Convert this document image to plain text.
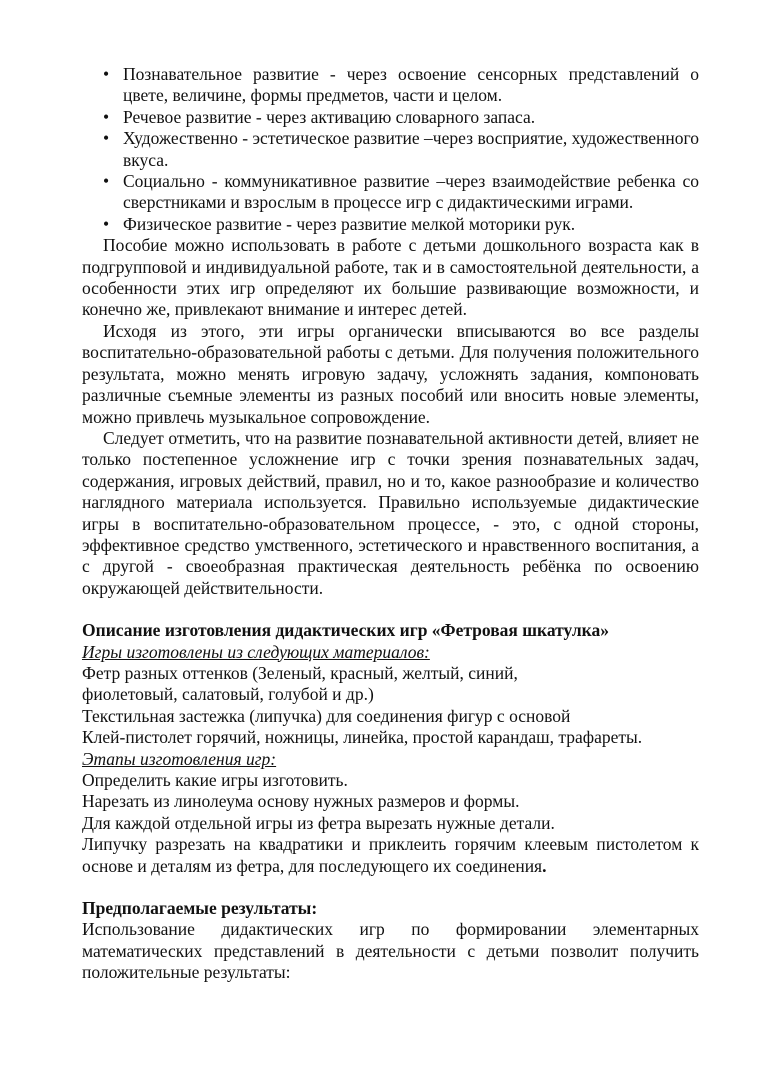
• Познавательное развитие - через освоение сенсорных представлений о цвете, величине, формы предметов, части и целом.
• Речевое развитие - через активацию словарного запаса.
• Художественно - эстетическое развитие –через восприятие, художественного вкуса.
• Социально - коммуникативное развитие –через взаимодействие ребенка со сверстниками и взрослым в процессе игр с дидактическими играми.
• Физическое развитие - через развитие мелкой моторики рук.

Пособие можно использовать в работе с детьми дошкольного возраста как в подгрупповой и индивидуальной работе, так и в самостоятельной деятельности, а особенности этих игр определяют их большие развивающие возможности, и конечно же, привлекают внимание и интерес детей.

Исходя из этого, эти игры органически вписываются во все разделы воспитательно-образовательной работы с детьми. Для получения положительного результата, можно менять игровую задачу, усложнять задания, компоновать различные съемные элементы из разных пособий или вносить новые элементы, можно привлечь музыкальное сопровождение.

Следует отметить, что на развитие познавательной активности детей, влияет не только постепенное усложнение игр с точки зрения познавательных задач, содержания, игровых действий, правил, но и то, какое разнообразие и количество наглядного материала используется. Правильно используемые дидактические игры в воспитательно-образовательном процессе, - это, с одной стороны, эффективное средство умственного, эстетического и нравственного воспитания, а с другой - своеобразная практическая деятельность ребёнка по освоению окружающей действительности.

Описание изготовления дидактических игр «Фетровая шкатулка»

Игры изготовлены из следующих материалов:

Фетр разных оттенков (Зеленый, красный, желтый, синий,
фиолетовый, салатовый, голубой и др.)
Текстильная застежка (липучка) для соединения фигур с основой
Клей-пистолет горячий, ножницы, линейка, простой карандаш, трафареты.

Этапы изготовления игр:

Определить какие игры изготовить.
Нарезать из линолеума основу нужных размеров и формы.
Для каждой отдельной игры из фетра вырезать нужные детали.

Липучку разрезать на квадратики и приклеить горячим клеевым пистолетом к основе и деталям из фетра, для последующего их соединения.

Предполагаемые результаты:

Использование дидактических игр по формировании элементарных математических представлений в деятельности с детьми позволит получить положительные результаты:
